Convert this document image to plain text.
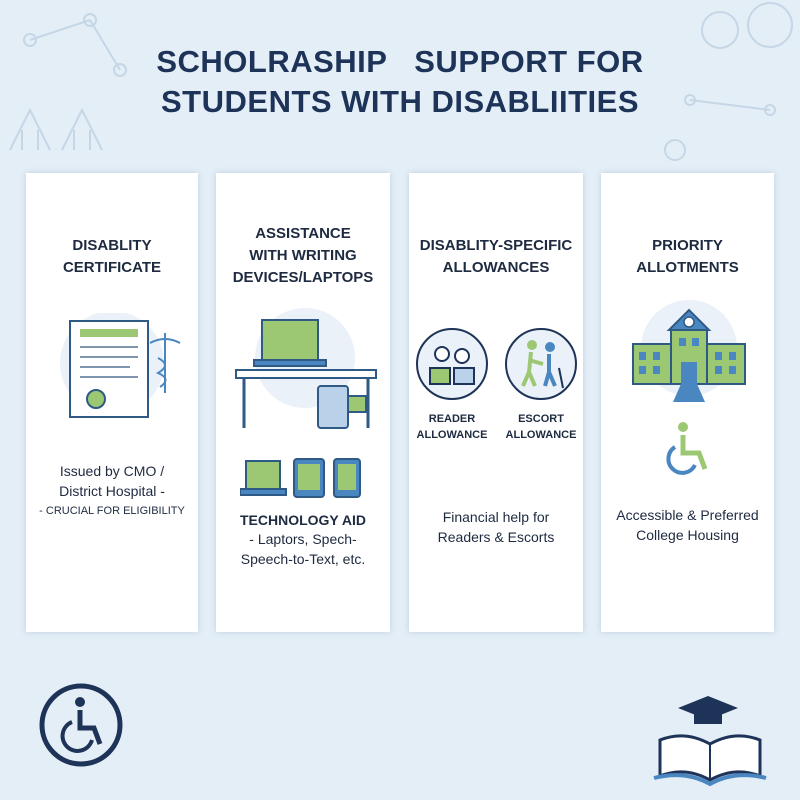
SCHOLRASHIP   SUPPORT FOR
STUDENTS WITH DISABLIITIES
DISABLITY
CERTIFICATE
Issued by CMO /
District Hospital -
- CRUCIAL FOR ELIGIBILITY
ASSISTANCE
WITH WRITING
DEVICES/LAPTOPS
TECHNOLOGY AID
- Laptors, Spech-
Speech-to-Text, etc.
DISABLITY-SPECIFIC
ALLOWANCES
READER
ALLOWANCE
ESCORT
ALLOWANCE
Financial help for
Readers & Escorts
PRIORITY
ALLOTMENTS
Accessible & Preferred
College Housing
